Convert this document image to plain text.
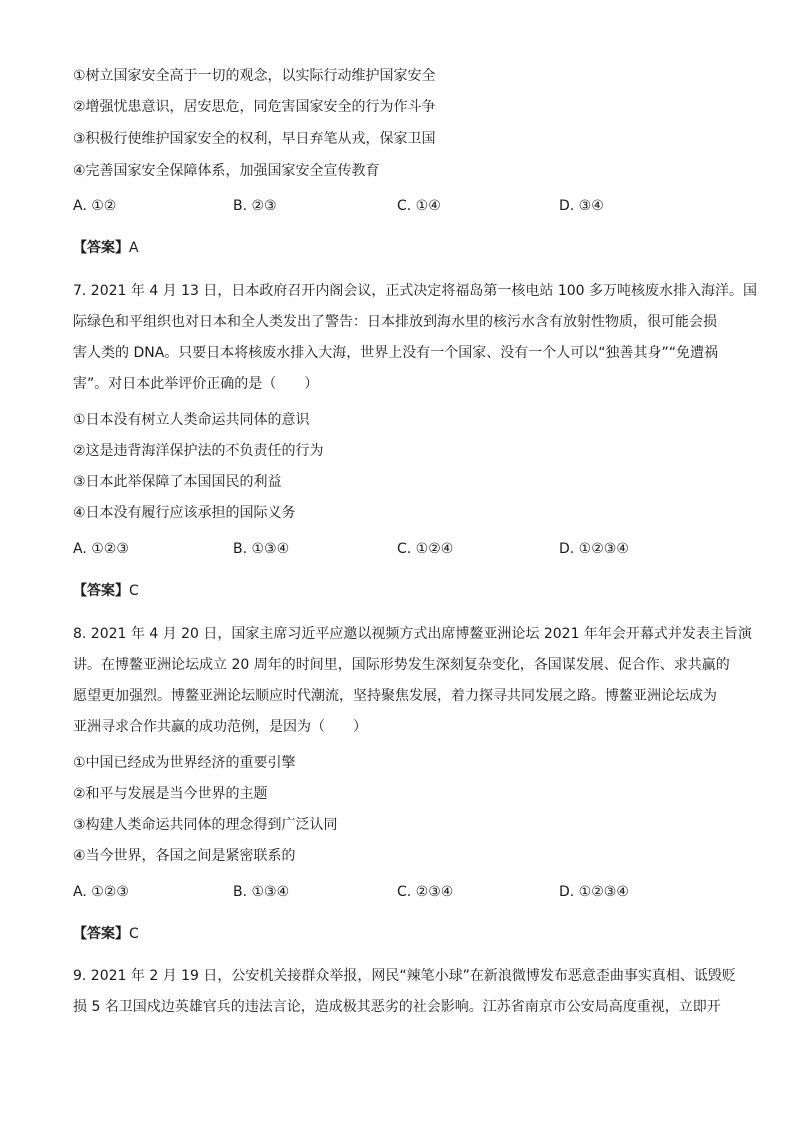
①树立国家安全高于一切的观念，以实际行动维护国家安全
②增强忧患意识，居安思危，同危害国家安全的行为作斗争
③积极行使维护国家安全的权利，早日弃笔从戎，保家卫国
④完善国家安全保障体系，加强国家安全宣传教育
A. ①②	B. ②③	C. ①④	D. ③④
【答案】A
7. 2021 年 4 月 13 日，日本政府召开内阁会议，正式决定将福岛第一核电站 100 多万吨核废水排入海洋。国
际绿色和平组织也对日本和全人类发出了警告：日本排放到海水里的核污水含有放射性物质，很可能会损
害人类的 DNA。只要日本将核废水排入大海，世界上没有一个国家、没有一个人可以“独善其身”“免遭祸
害”。对日本此举评价正确的是（　　）
①日本没有树立人类命运共同体的意识
②这是违背海洋保护法的不负责任的行为
③日本此举保障了本国国民的利益
④日本没有履行应该承担的国际义务
A. ①②③	B. ①③④	C. ①②④	D. ①②③④
【答案】C
8. 2021 年 4 月 20 日，国家主席习近平应邀以视频方式出席博鳌亚洲论坛 2021 年年会开幕式并发表主旨演
讲。在博鳌亚洲论坛成立 20 周年的时间里，国际形势发生深刻复杂变化，各国谋发展、促合作、求共赢的
愿望更加强烈。博鳌亚洲论坛顺应时代潮流，坚持聚焦发展，着力探寻共同发展之路。博鳌亚洲论坛成为
亚洲寻求合作共赢的成功范例，是因为（　　）
①中国已经成为世界经济的重要引擎
②和平与发展是当今世界的主题
③构建人类命运共同体的理念得到广泛认同
④当今世界，各国之间是紧密联系的
A. ①②③	B. ①③④	C. ②③④	D. ①②③④
【答案】C
9. 2021 年 2 月 19 日，公安机关接群众举报，网民“辣笔小球”在新浪微博发布恶意歪曲事实真相、诋毁贬
损 5 名卫国戍边英雄官兵的违法言论，造成极其恶劣的社会影响。江苏省南京市公安局高度重视，立即开
